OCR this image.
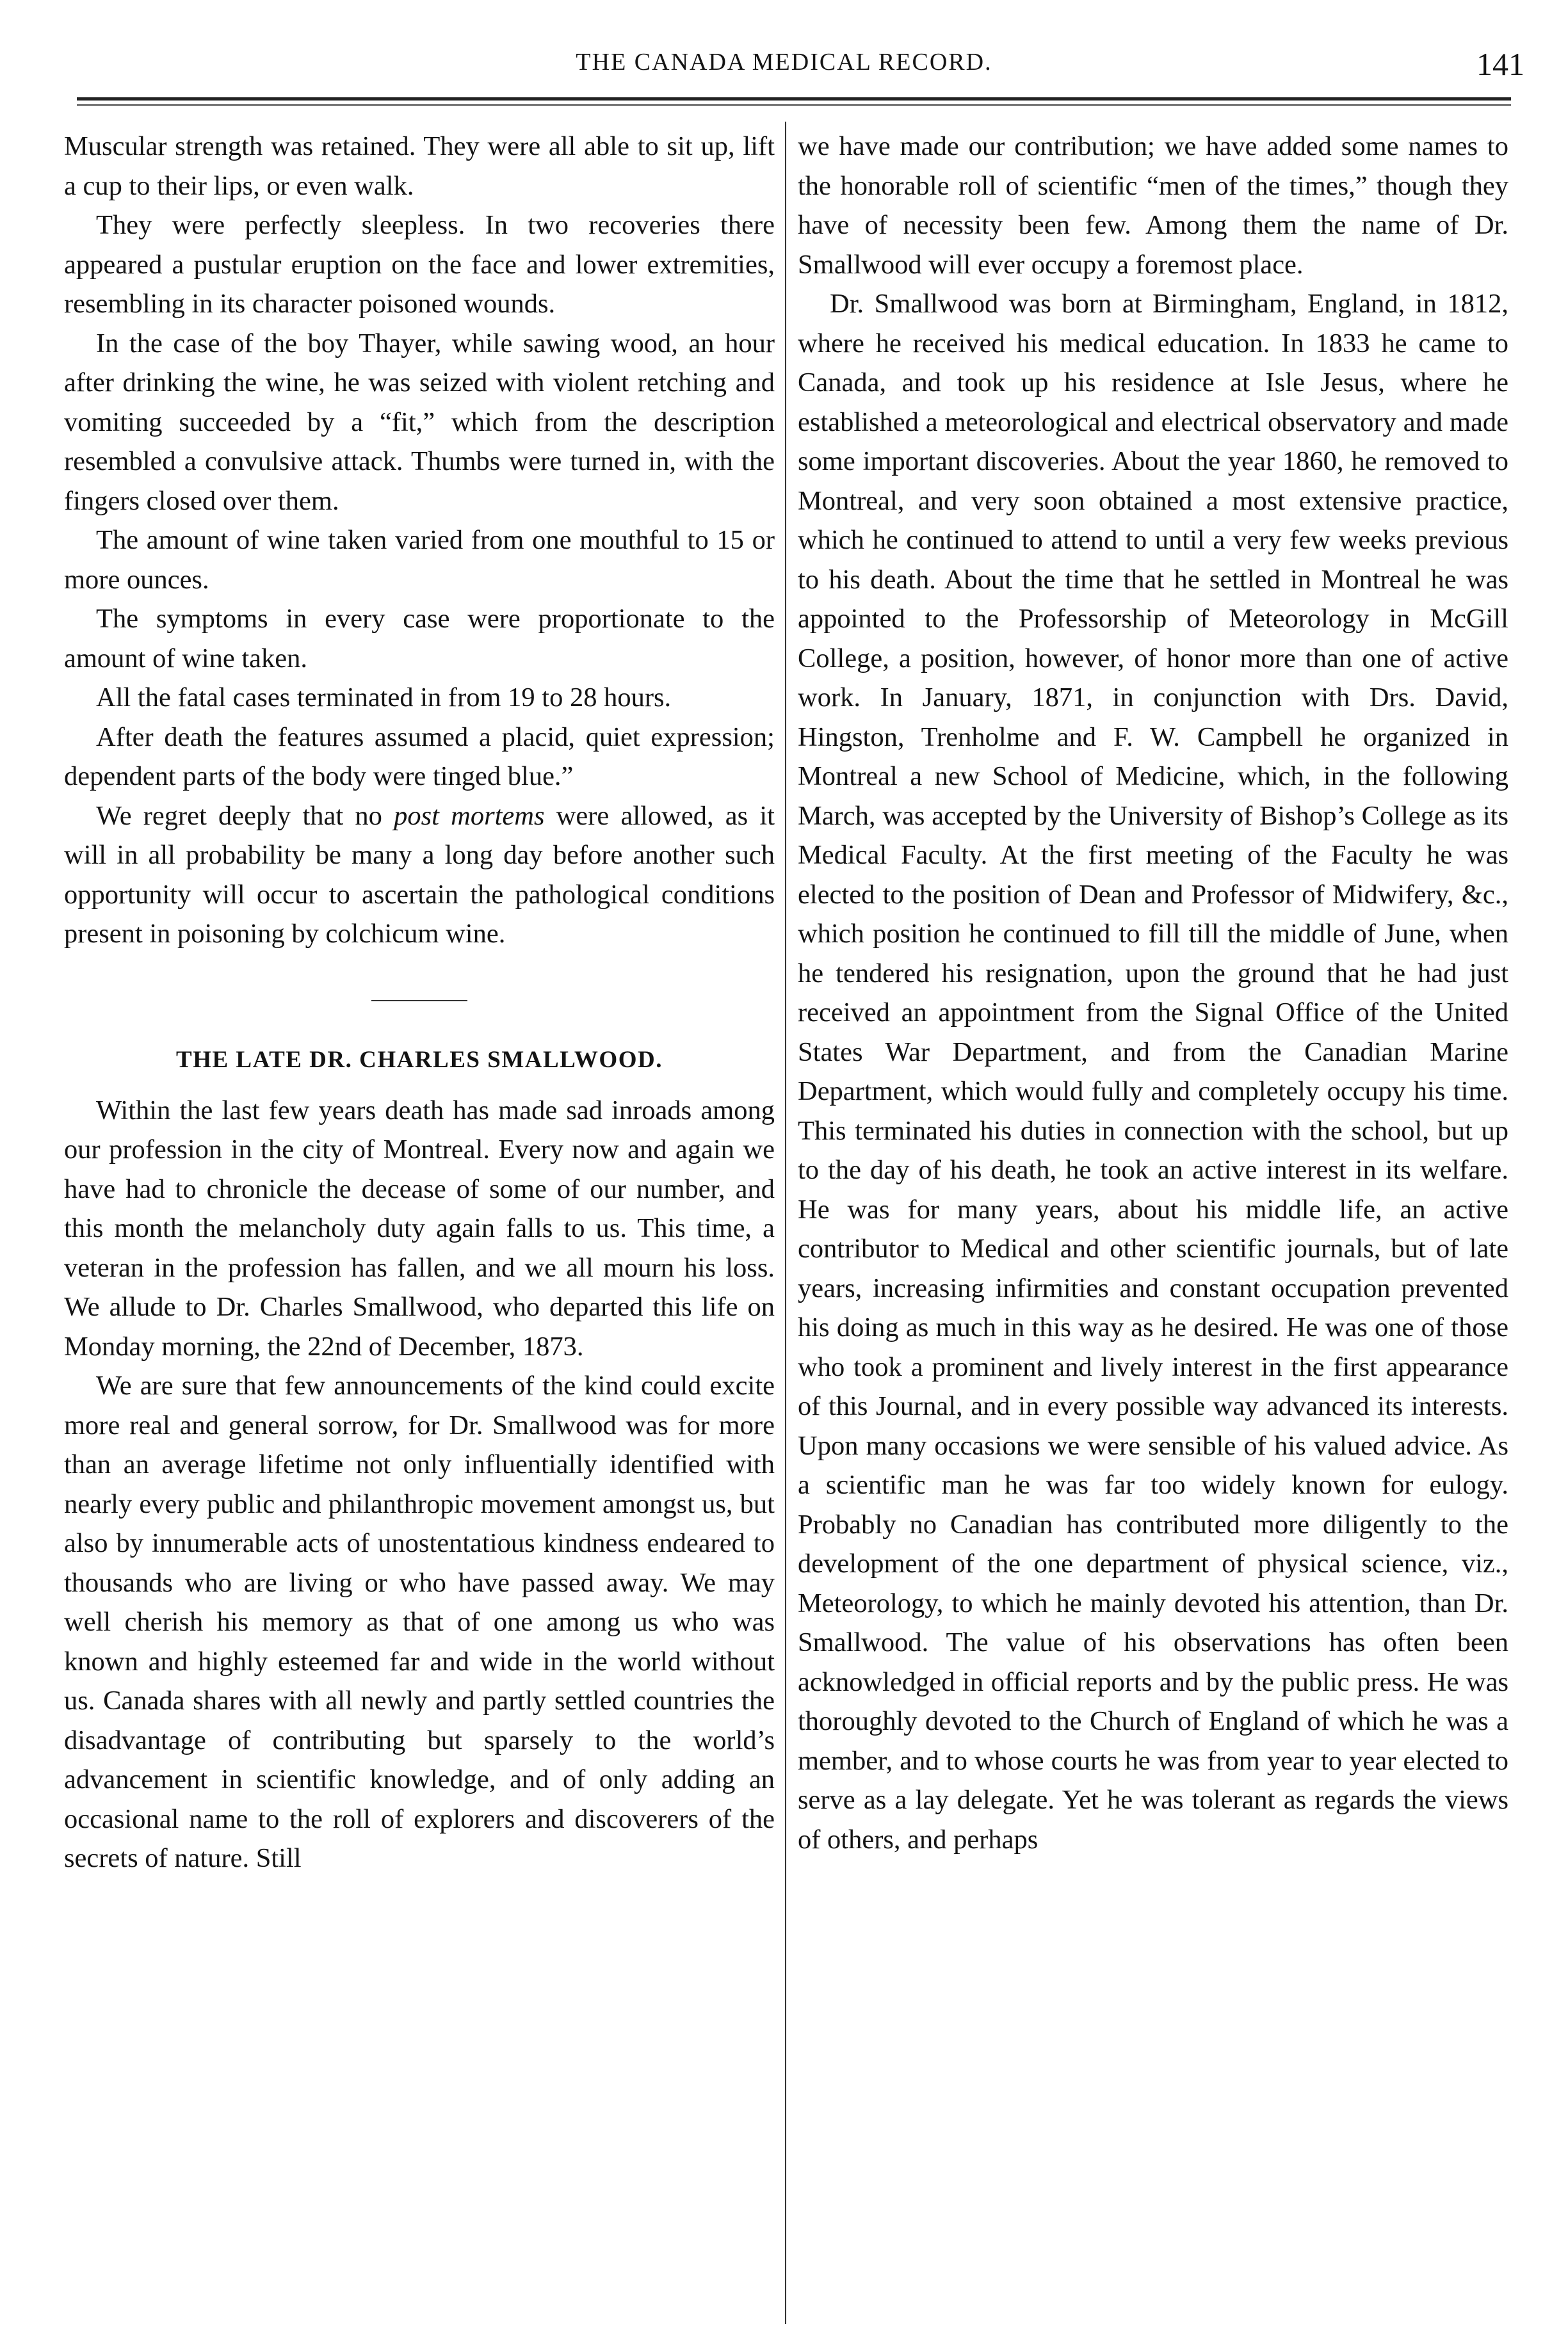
THE CANADA MEDICAL RECORD.	141

Muscular strength was retained. They were all able to sit up, lift a cup to their lips, or even walk.

They were perfectly sleepless. In two recoveries there appeared a pustular eruption on the face and lower extremities, resembling in its character poisoned wounds.

In the case of the boy Thayer, while sawing wood, an hour after drinking the wine, he was seized with violent retching and vomiting succeeded by a “fit,” which from the description resembled a convulsive attack. Thumbs were turned in, with the fingers closed over them.

The amount of wine taken varied from one mouthful to 15 or more ounces.

The symptoms in every case were proportionate to the amount of wine taken.

All the fatal cases terminated in from 19 to 28 hours.

After death the features assumed a placid, quiet expression; dependent parts of the body were tinged blue.”

We regret deeply that no post mortems were allowed, as it will in all probability be many a long day before another such opportunity will occur to ascertain the pathological conditions present in poisoning by colchicum wine.

THE LATE DR. CHARLES SMALLWOOD.

Within the last few years death has made sad inroads among our profession in the city of Montreal. Every now and again we have had to chronicle the decease of some of our number, and this month the melancholy duty again falls to us. This time, a veteran in the profession has fallen, and we all mourn his loss. We allude to Dr. Charles Smallwood, who departed this life on Monday morning, the 22nd of December, 1873.

We are sure that few announcements of the kind could excite more real and general sorrow, for Dr. Smallwood was for more than an average lifetime not only influentially identified with nearly every public and philanthropic movement amongst us, but also by innumerable acts of unostentatious kindness endeared to thousands who are living or who have passed away. We may well cherish his memory as that of one among us who was known and highly esteemed far and wide in the world without us. Canada shares with all newly and partly settled countries the disadvantage of contributing but sparsely to the world’s advancement in scientific knowledge, and of only adding an occasional name to the roll of explorers and discoverers of the secrets of nature. Still

we have made our contribution; we have added some names to the honorable roll of scientific “men of the times,” though they have of necessity been few. Among them the name of Dr. Smallwood will ever occupy a foremost place.

Dr. Smallwood was born at Birmingham, England, in 1812, where he received his medical education. In 1833 he came to Canada, and took up his residence at Isle Jesus, where he established a meteorological and electrical observatory and made some important discoveries. About the year 1860, he removed to Montreal, and very soon obtained a most extensive practice, which he continued to attend to until a very few weeks previous to his death. About the time that he settled in Montreal he was appointed to the Professorship of Meteorology in McGill College, a position, however, of honor more than one of active work. In January, 1871, in conjunction with Drs. David, Hingston, Trenholme and F. W. Campbell he organized in Montreal a new School of Medicine, which, in the following March, was accepted by the University of Bishop’s College as its Medical Faculty. At the first meeting of the Faculty he was elected to the position of Dean and Professor of Midwifery, &c., which position he continued to fill till the middle of June, when he tendered his resignation, upon the ground that he had just received an appointment from the Signal Office of the United States War Department, and from the Canadian Marine Department, which would fully and completely occupy his time. This terminated his duties in connection with the school, but up to the day of his death, he took an active interest in its welfare. He was for many years, about his middle life, an active contributor to Medical and other scientific journals, but of late years, increasing infirmities and constant occupation prevented his doing as much in this way as he desired. He was one of those who took a prominent and lively interest in the first appearance of this Journal, and in every possible way advanced its interests. Upon many occasions we were sensible of his valued advice. As a scientific man he was far too widely known for eulogy. Probably no Canadian has contributed more diligently to the development of the one department of physical science, viz., Meteorology, to which he mainly devoted his attention, than Dr. Smallwood. The value of his observations has often been acknowledged in official reports and by the public press. He was thoroughly devoted to the Church of England of which he was a member, and to whose courts he was from year to year elected to serve as a lay delegate. Yet he was tolerant as regards the views of others, and perhaps
